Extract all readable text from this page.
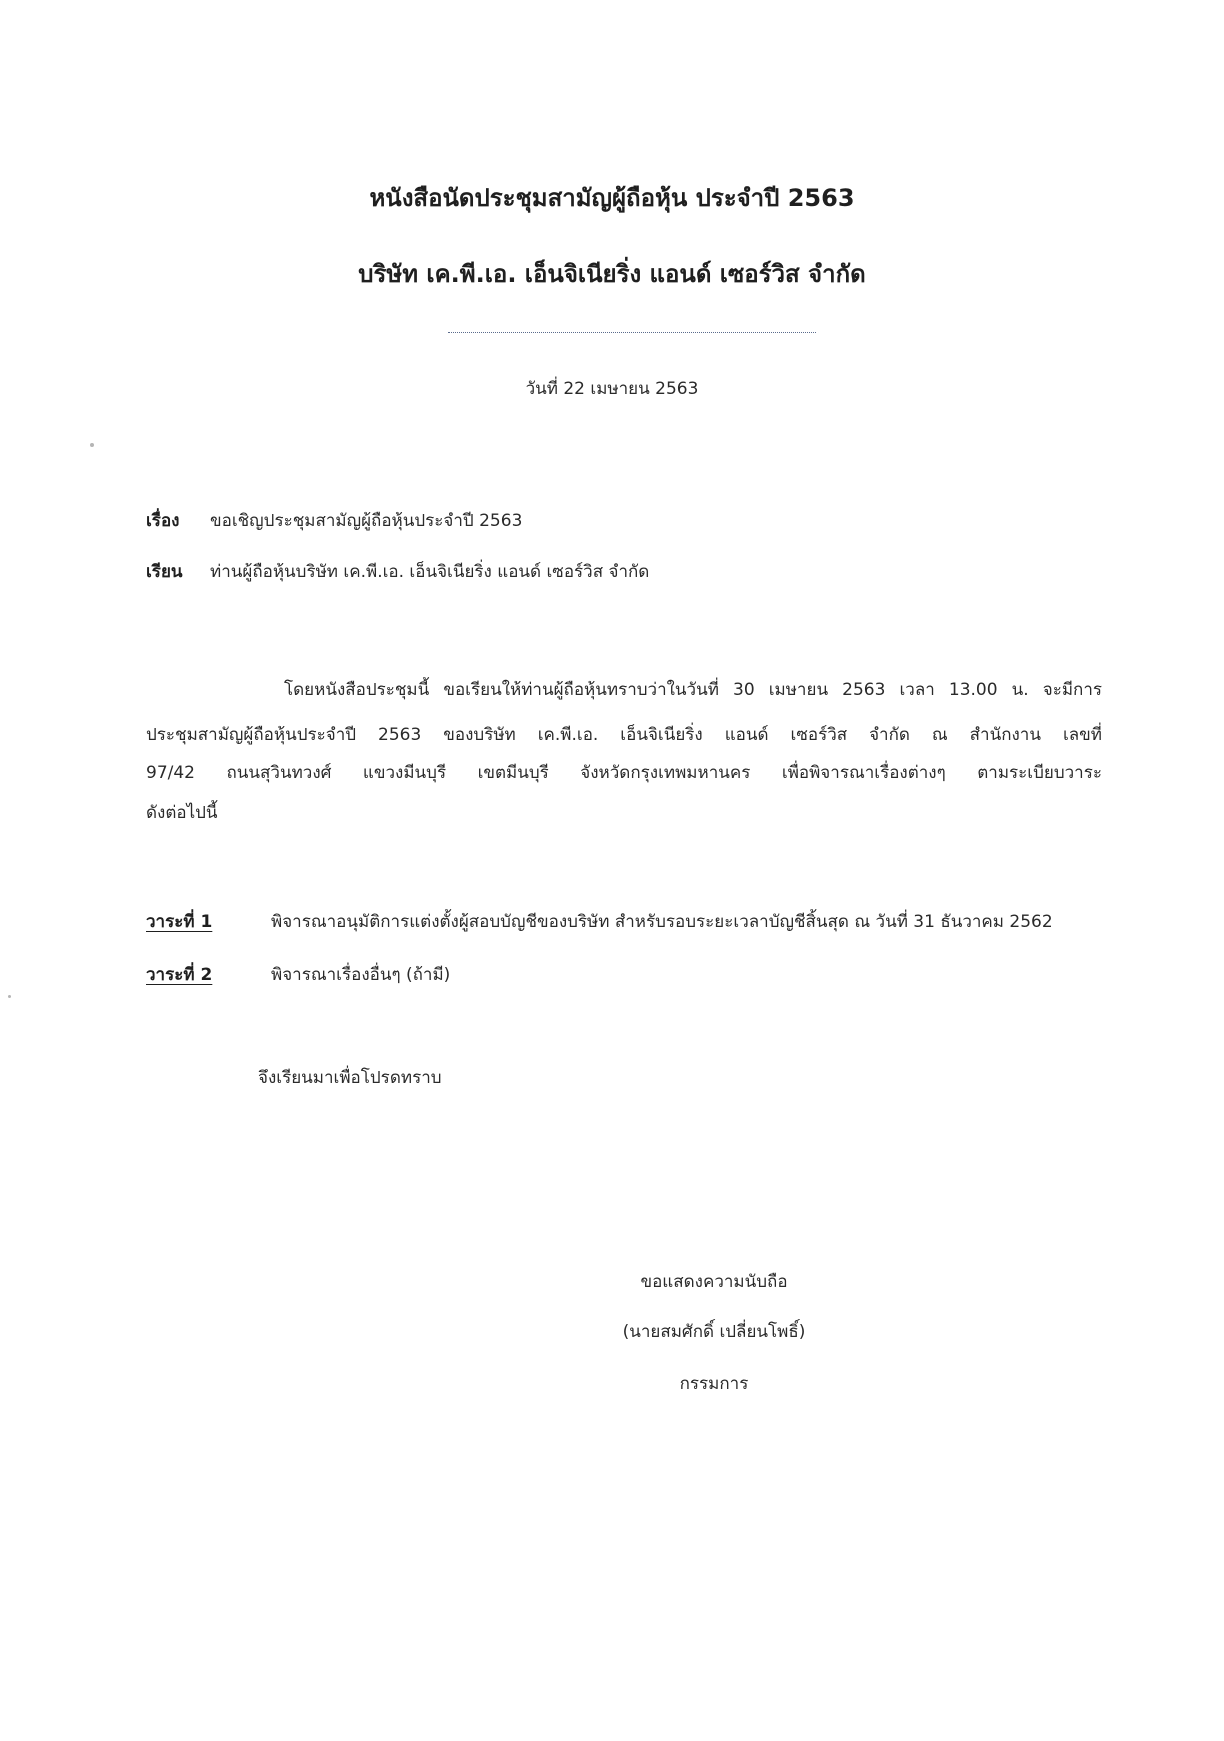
หนังสือนัดประชุมสามัญผู้ถือหุ้น ประจำปี 2563
บริษัท เค.พี.เอ. เอ็นจิเนียริ่ง แอนด์ เซอร์วิส จำกัด
วันที่ 22 เมษายน 2563
เรื่อง ขอเชิญประชุมสามัญผู้ถือหุ้นประจำปี 2563
เรียน ท่านผู้ถือหุ้นบริษัท เค.พี.เอ. เอ็นจิเนียริ่ง แอนด์ เซอร์วิส จำกัด
โดยหนังสือประชุมนี้ ขอเรียนให้ท่านผู้ถือหุ้นทราบว่าในวันที่ 30 เมษายน 2563 เวลา 13.00 น. จะมีการ
ประชุมสามัญผู้ถือหุ้นประจำปี 2563 ของบริษัท เค.พี.เอ. เอ็นจิเนียริ่ง แอนด์ เซอร์วิส จำกัด ณ สำนักงาน เลขที่
97/42 ถนนสุวินทวงศ์ แขวงมีนบุรี เขตมีนบุรี จังหวัดกรุงเทพมหานคร เพื่อพิจารณาเรื่องต่างๆ ตามระเบียบวาระ
ดังต่อไปนี้
วาระที่ 1	พิจารณาอนุมัติการแต่งตั้งผู้สอบบัญชีของบริษัท สำหรับรอบระยะเวลาบัญชีสิ้นสุด ณ วันที่ 31 ธันวาคม 2562
วาระที่ 2	พิจารณาเรื่องอื่นๆ (ถ้ามี)
จึงเรียนมาเพื่อโปรดทราบ
ขอแสดงความนับถือ
(นายสมศักดิ์ เปลี่ยนโพธิ์)
กรรมการ
